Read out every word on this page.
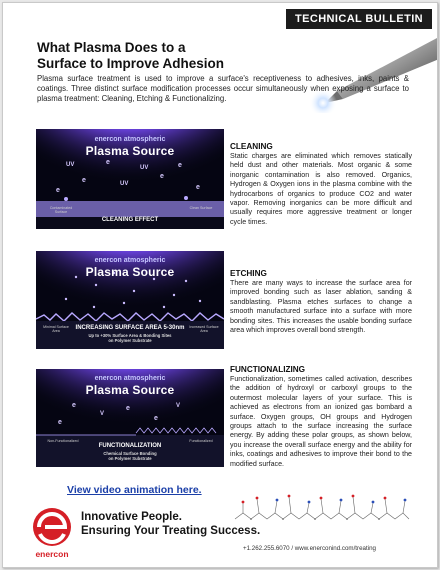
TECHNICAL BULLETIN
What Plasma Does to a
Surface to Improve Adhesion
Plasma surface treatment is used to improve a surface's receptiveness to adhesives, inks, paints & coatings. Three distinct surface modification processes occur simultaneously when exposing a surface to plasma treatment: Cleaning, Etching & Functionalizing.
enercon atmospheric
Plasma Source
UV	e
UV	e
e
e
UV	e
e
Contaminated Surface
Clean Surface
CLEANING EFFECT
enercon atmospheric
Plasma Source
Minimal Surface Area
Increased Surface Area
INCREASING SURFACE AREA 5-30nm
Up to +30% Surface Area & Bonding Sites
on Polymer Substrate
enercon atmospheric
Plasma Source
e
V
e
e
V
e
Non-Functionalized	Functionalized
FUNCTIONALIZATION
Chemical Surface Bonding
on Polymer Substrate
CLEANING
Static charges are eliminated which removes statically held dust and other materials. Most organic & some inorganic contamination is also removed. Organics, Hydrogen & Oxygen ions in the plasma combine with the hydrocarbons of organics to produce CO2 and water vapor. Removing inorganics can be more difficult and usually requires more aggressive treatment or longer cycle times.
ETCHING
There are many ways to increase the surface area for improved bonding such as laser ablation, sanding & sandblasting. Plasma etches surfaces to change a smooth manufactured surface into a surface with more bonding sites. This increases the usable bonding surface area which improves overall bond strength.
FUNCTIONALIZING
Functionalization, sometimes called activation, describes the addition of hydroxyl or carboxyl groups to the outermost molecular layers of your surface. This is achieved as electrons from an ionized gas bombard a surface. Oxygen groups, OH groups and Hydrogen groups attach to the surface increasing the surface energy. By adding these polar groups, as shown below, you increase the overall surface energy and the ability for inks, coatings and adhesives to improve their bond to the modified surface.
View video animation here.
enercon
Innovative People.
Ensuring Your Treating Success.
+1.262.255.6070 / www.enerconind.com/treating
